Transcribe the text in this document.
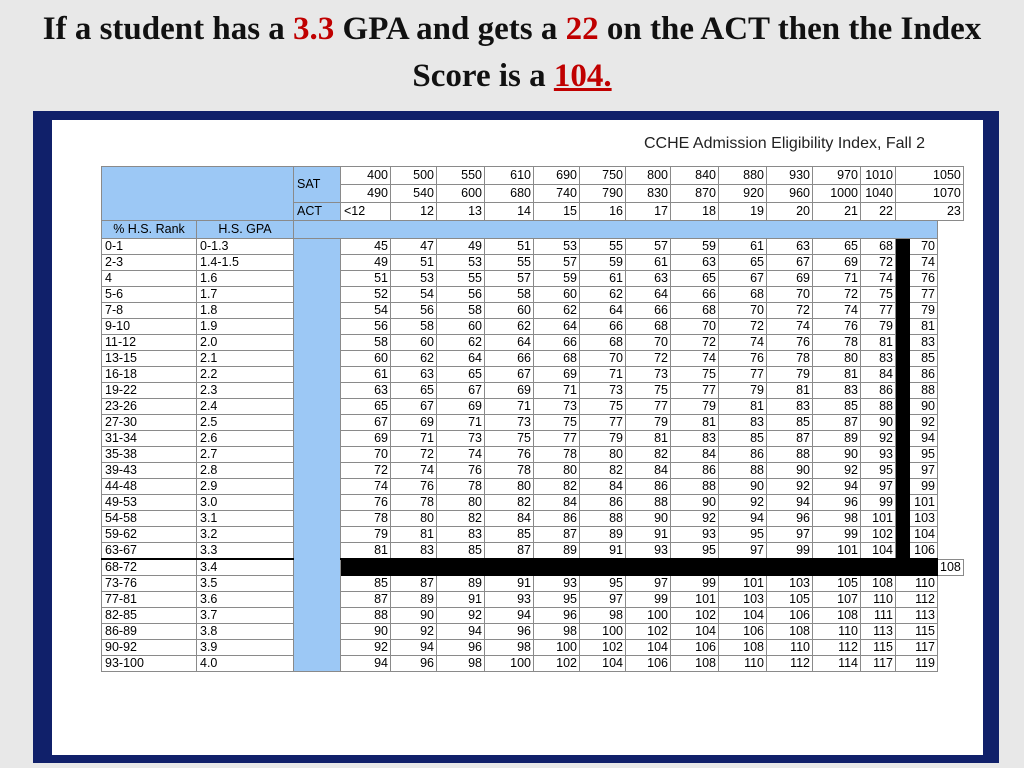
If a student has a 3.3 GPA and gets a 22 on the ACT then the Index Score is a 104.
CCHE Admission Eligibility Index, Fall 2
		SAT	400	500	550	610	690	750	800	840	880	930	970	1010	1050		
			490	540	600	680	740	790	830	870	920	960	1000	1040	1070		
		ACT	<12	12	13	14	15	16	17	18	19	20	21	22	23		
% H.S. Rank	H.S. GPA																
0-1	0-1.3		45	47	49	51	53	55	57	59	61	63	65	68		70	
2-3	1.4-1.5		49	51	53	55	57	59	61	63	65	67	69	72		74	
4	1.6		51	53	55	57	59	61	63	65	67	69	71	74		76	
5-6	1.7		52	54	56	58	60	62	64	66	68	70	72	75		77	
7-8	1.8		54	56	58	60	62	64	66	68	70	72	74	77		79	
9-10	1.9		56	58	60	62	64	66	68	70	72	74	76	79		81	
11-12	2.0		58	60	62	64	66	68	70	72	74	76	78	81		83	
13-15	2.1		60	62	64	66	68	70	72	74	76	78	80	83		85	
16-18	2.2		61	63	65	67	69	71	73	75	77	79	81	84		86	
19-22	2.3		63	65	67	69	71	73	75	77	79	81	83	86		88	
23-26	2.4		65	67	69	71	73	75	77	79	81	83	85	88		90	
27-30	2.5		67	69	71	73	75	77	79	81	83	85	87	90		92	
31-34	2.6		69	71	73	75	77	79	81	83	85	87	89	92		94	
35-38	2.7		70	72	74	76	78	80	82	84	86	88	90	93		95	
39-43	2.8		72	74	76	78	80	82	84	86	88	90	92	95		97	
44-48	2.9		74	76	78	80	82	84	86	88	90	92	94	97		99	
49-53	3.0		76	78	80	82	84	86	88	90	92	94	96	99		101	
54-58	3.1		78	80	82	84	86	88	90	92	94	96	98	101		103	
59-62	3.2		79	81	83	85	87	89	91	93	95	97	99	102		104	
63-67	3.3		81	83	85	87	89	91	93	95	97	99	101	104		106	
68-72	3.4																108
73-76	3.5		85	87	89	91	93	95	97	99	101	103	105	108	110		
77-81	3.6		87	89	91	93	95	97	99	101	103	105	107	110	112		
82-85	3.7		88	90	92	94	96	98	100	102	104	106	108	111	113		
86-89	3.8		90	92	94	96	98	100	102	104	106	108	110	113	115		
90-92	3.9		92	94	96	98	100	102	104	106	108	110	112	115	117		
93-100	4.0		94	96	98	100	102	104	106	108	110	112	114	117	119		
